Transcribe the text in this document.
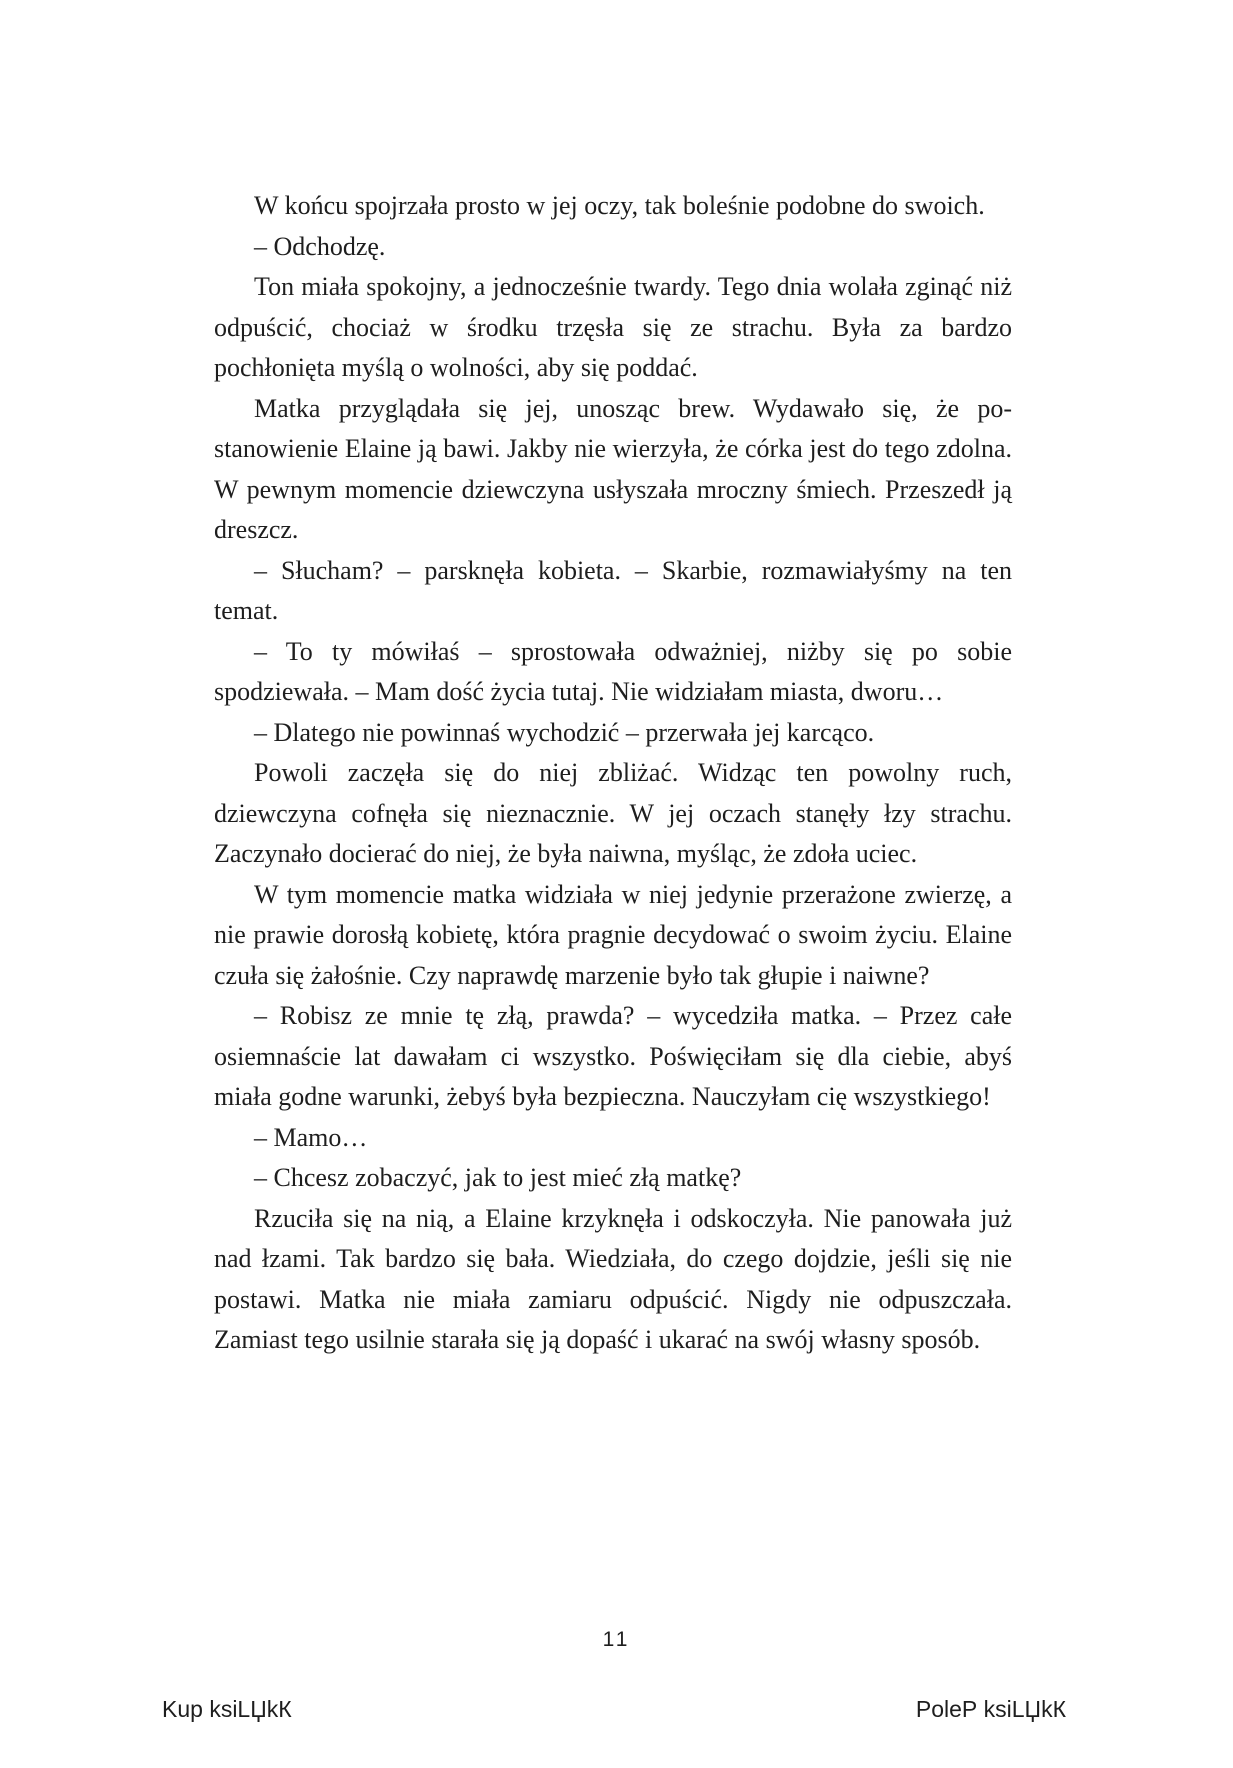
W końcu spojrzała prosto w jej oczy, tak boleśnie podobne do swoich.

– Odchodzę.

Ton miała spokojny, a jednocześnie twardy. Tego dnia wolała zginąć niż odpuścić, chociaż w środku trzęsła się ze strachu. Była za bardzo pochłonięta myślą o wolności, aby się poddać.

Matka przyglądała się jej, unosząc brew. Wydawało się, że postanowienie Elaine ją bawi. Jakby nie wierzyła, że córka jest do tego zdolna. W pewnym momencie dziewczyna usłyszała mroczny śmiech. Przeszedł ją dreszcz.

– Słucham? – parsknęła kobieta. – Skarbie, rozmawiałyśmy na ten temat.

– To ty mówiłaś – sprostowała odważniej, niżby się po sobie spodziewała. – Mam dość życia tutaj. Nie widziałam miasta, dworu…

– Dlatego nie powinnaś wychodzić – przerwała jej karcąco.

Powoli zaczęła się do niej zbliżać. Widząc ten powolny ruch, dziewczyna cofnęła się nieznacznie. W jej oczach stanęły łzy strachu. Zaczynało docierać do niej, że była naiwna, myśląc, że zdoła uciec.

W tym momencie matka widziała w niej jedynie przerażone zwierzę, a nie prawie dorosłą kobietę, która pragnie decydować o swoim życiu. Elaine czuła się żałośnie. Czy naprawdę marzenie było tak głupie i naiwne?

– Robisz ze mnie tę złą, prawda? – wycedziła matka. – Przez całe osiemnaście lat dawałam ci wszystko. Poświęciłam się dla ciebie, abyś miała godne warunki, żebyś była bezpieczna. Nauczyłam cię wszystkiego!

– Mamo…

– Chcesz zobaczyć, jak to jest mieć złą matkę?

Rzuciła się na nią, a Elaine krzyknęła i odskoczyła. Nie panowała już nad łzami. Tak bardzo się bała. Wiedziała, do czego dojdzie, jeśli się nie postawi. Matka nie miała zamiaru odpuścić. Nigdy nie odpuszczała. Zamiast tego usilnie starała się ją dopaść i ukarać na swój własny sposób.

11
Kup ksiLЏkК	PoleР ksiLЏkК
